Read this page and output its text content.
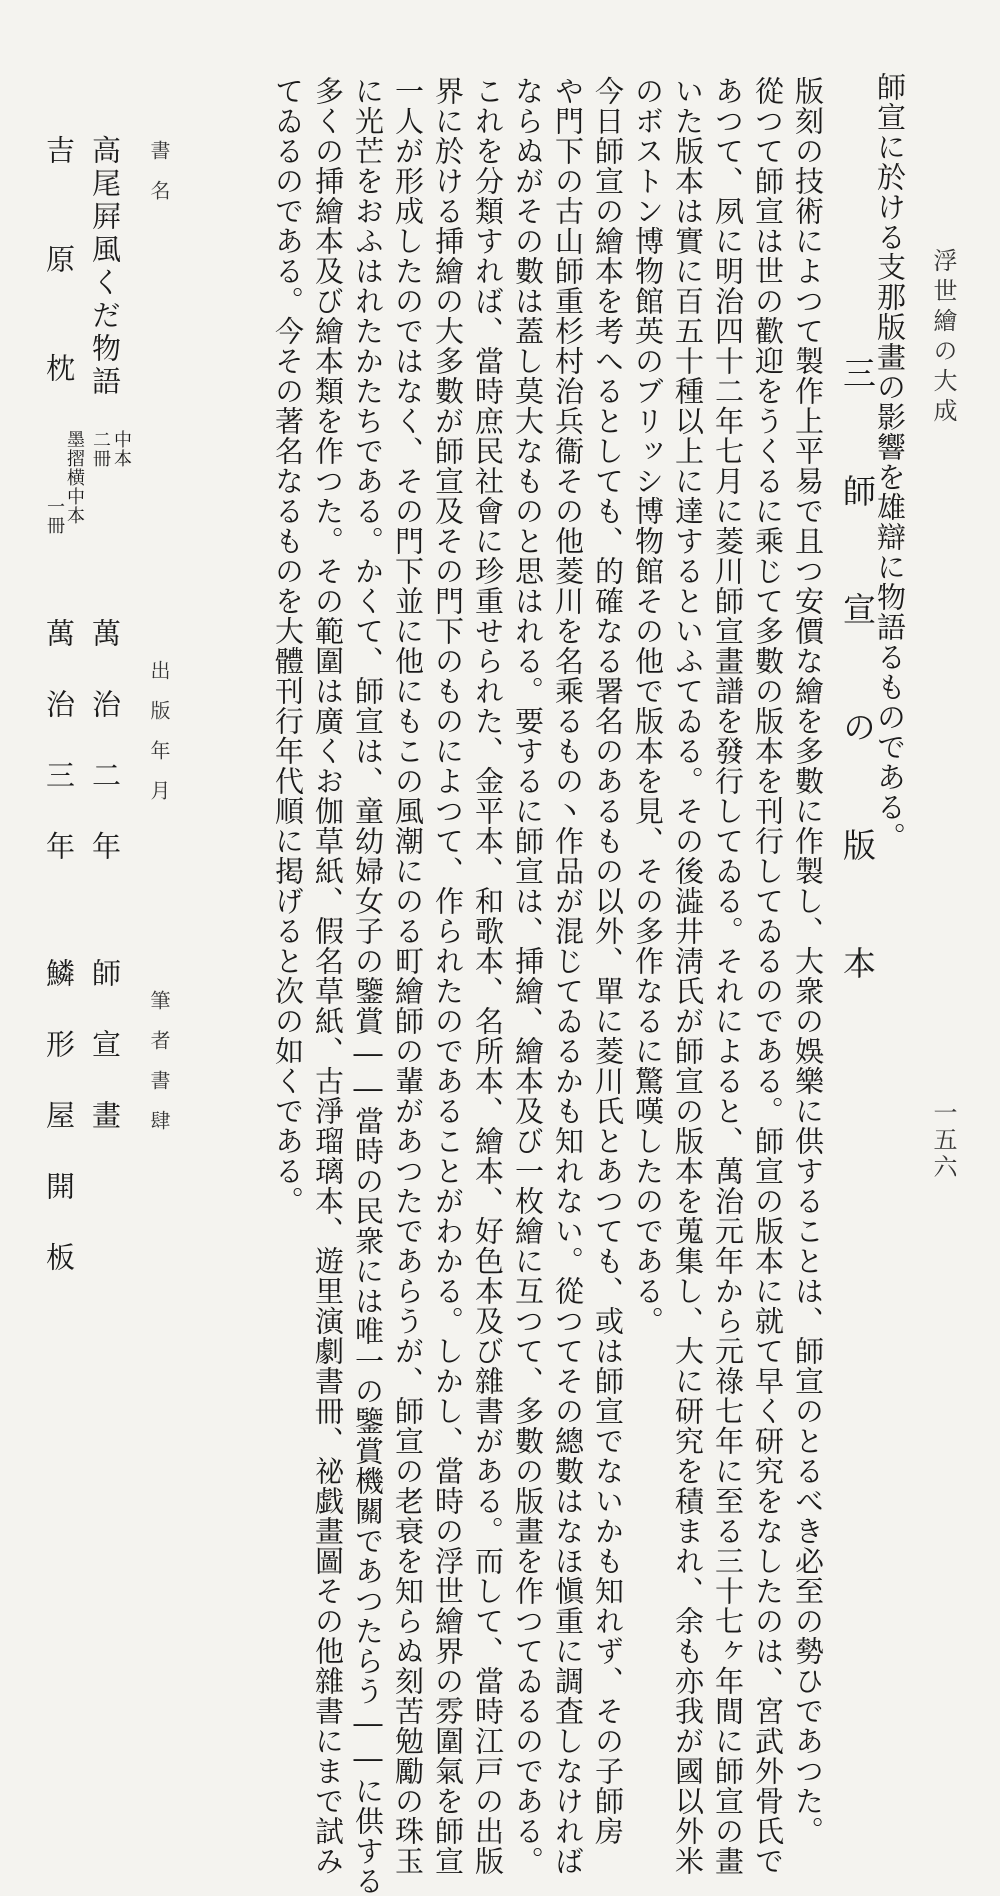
浮世繪の大成
一五六
師宣に於ける支那版畫の影響を雄辯に物語るものである。
三　師　宣　の　版　本
版刻の技術によつて製作上平易で且つ安價な繪を多數に作製し、大衆の娛樂に供することは、師宣のとるべき必至の勢ひであつた。
從つて師宣は世の歡迎をうくるに乘じて多數の版本を刊行してゐるのである。師宣の版本に就て早く研究をなしたのは、宮武外骨氏で
あつて、夙に明治四十二年七月に菱川師宣畫譜を發行してゐる。それによると、萬治元年から元祿七年に至る三十七ヶ年間に師宣の畫
いた版本は實に百五十種以上に達するといふてゐる。その後澁井淸氏が師宣の版本を蒐集し、大に研究を積まれ、余も亦我が國以外米
のボストン博物館英のブリッシ博物館その他で版本を見、その多作なるに驚嘆したのである。
今日師宣の繪本を考へるとしても、的確なる署名のあるもの以外、單に菱川氏とあつても、或は師宣でないかも知れず、その子師房
や門下の古山師重杉村治兵衞その他菱川を名乘るもの丶作品が混じてゐるかも知れない。從つてその總數はなほ愼重に調査しなければ
ならぬがその數は蓋し莫大なものと思はれる。要するに師宣は、挿繪、繪本及び一枚繪に互つて、多數の版畫を作つてゐるのである。
これを分類すれば、當時庶民社會に珍重せられた、金平本、和歌本、名所本、繪本、好色本及び雜書がある。而して、當時江戸の出版
界に於ける挿繪の大多數が師宣及その門下のものによつて、作られたのであることがわかる。しかし、當時の浮世繪界の雰圍氣を師宣
一人が形成したのではなく、その門下並に他にもこの風潮にのる町繪師の輩があつたであらうが、師宣の老衰を知らぬ刻苦勉勵の珠玉
に光芒をおふはれたかたちである。かくて、師宣は、童幼婦女子の鑒賞――當時の民衆には唯一の鑒賞機關であつたらう――に供する
多くの挿繪本及び繪本類を作つた。その範圍は廣くお伽草紙、假名草紙、古淨瑠璃本、遊里演劇書冊、祕戯畫圖その他雜書にまで試み
てゐるのである。今その著名なるものを大體刊行年代順に掲げると次の如くである。
書名
出版年月
筆者書肆
高尾屛風くだ物語
中本
二冊
萬治二年
師宣畫
吉原枕
墨摺横中本
一冊
萬治三年
鱗形屋開板
